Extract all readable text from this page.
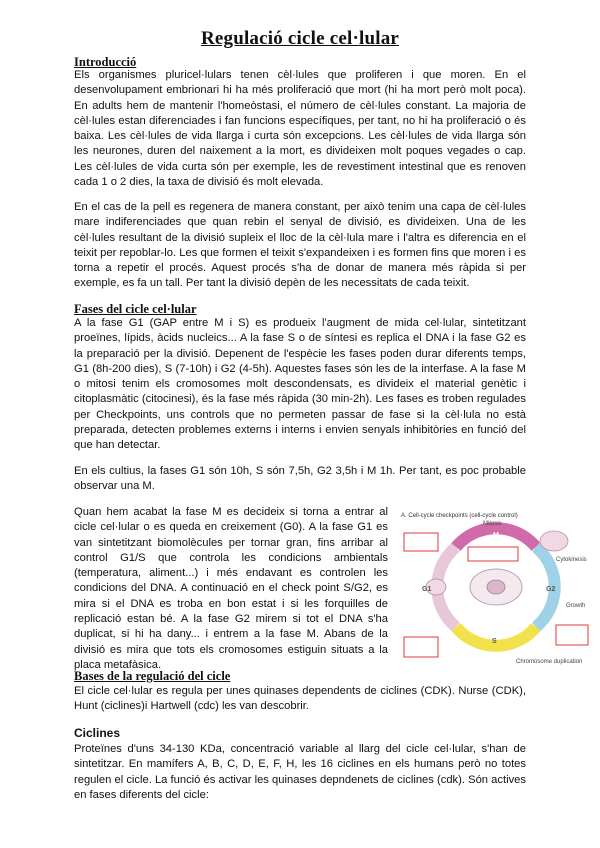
Regulació cicle cel·lular
Introducció
Els organismes pluricel·lulars tenen cèl·lules que proliferen i que moren. En el desenvolupament embrionari hi ha més proliferació que mort (hi ha mort però molt poca). En adults hem de mantenir l'homeòstasi, el número de cèl·lules constant. La majoria de cèl·lules estan diferenciades i fan funcions específiques, per tant, no hi ha proliferació o és baixa. Les cèl·lules de vida llarga i curta són excepcions. Les cèl·lules de vida llarga són les neurones, duren del naixement a la mort, es divideixen molt poques vegades o cap. Les cèl·lules de vida curta són per exemple, les de revestiment intestinal que es renoven cada 1 o 2 dies, la taxa de divisió és molt elevada.
En el cas de la pell es regenera de manera constant, per això tenim una capa de cèl·lules mare indiferenciades que quan rebin el senyal de divisió, es divideixen. Una de les cèl·lules resultant de la divisió supleix el lloc de la cèl·lula mare i l'altra es diferencia en el teixit per repoblar-lo. Les que formen el teixit s'expandeixen i es formen fins que moren i es torna a repetir el procés. Aquest procés s'ha de donar de manera més ràpida si per exemple, es fa un tall. Per tant la divisió depèn de les necessitats de cada teixit.
Fases del cicle cel·lular
A la fase G1 (GAP entre M i S) es produeix l'augment de mida cel·lular, sintetitzant proeïnes, lípids, àcids nucleics... A la fase S o de síntesi es replica el DNA i la fase G2 es la preparació per la divisió. Depenent de l'espècie les fases poden durar diferents temps, G1 (8h-200 dies), S (7-10h) i G2 (4-5h). Aquestes fases són les de la interfase. A la fase M o mitosi tenim els cromosomes molt descondensats, es divideix el material genètic i citoplasmàtic (citocinesi), és la fase més ràpida (30 min-2h). Les fases es troben regulades per Checkpoints, uns controls que no permeten passar de fase si la cèl·lula no està preparada, detecten problemes externs i interns i envien senyals inhibitòries en funció del que han detectar.
En els cultius, la fases G1 són 10h, S són 7,5h, G2 3,5h i M 1h. Per tant, es poc probable observar una M.
Quan hem acabat la fase M es decideix si torna a entrar al cicle cel·lular o es queda en creixement (G0). A la fase G1 es van sintetitzant biomolècules per tornar gran, fins arribar al control G1/S que controla les condicions ambientals (temperatura, aliment...) i més endavant es controlen les condicions del DNA. A continuació en el check point S/G2, es mira si el DNA es troba en bon estat i si les forquilles de replicació estan bé. A la fase G2 mirem si tot el DNA s'ha duplicat, si hi ha dany... i entrem a la fase M. Abans de la divisió es mira que tots els cromosomes estiguin situats a la placa metafàsica.
A. Cell-cycle checkpoints (cell-cycle control)
Mitosis
Cytokinesis
Growth
Chromosome duplication
G1
S
G2
M
Bases de la regulació del cicle
El cicle cel·lular es regula per unes quinases dependents de ciclines (CDK). Nurse (CDK), Hunt (ciclines)i Hartwell (cdc) les van descobrir.
Ciclines
Proteïnes d'uns 34-130 KDa, concentració variable al llarg del cicle cel·lular, s'han de sintetitzar. En mamífers A, B, C, D, E, F, H, les 16 ciclines en els humans però no totes regulen el cicle. La funció és activar les quinases depndenets de ciclines (cdk). Són actives en fases diferents del cicle:
